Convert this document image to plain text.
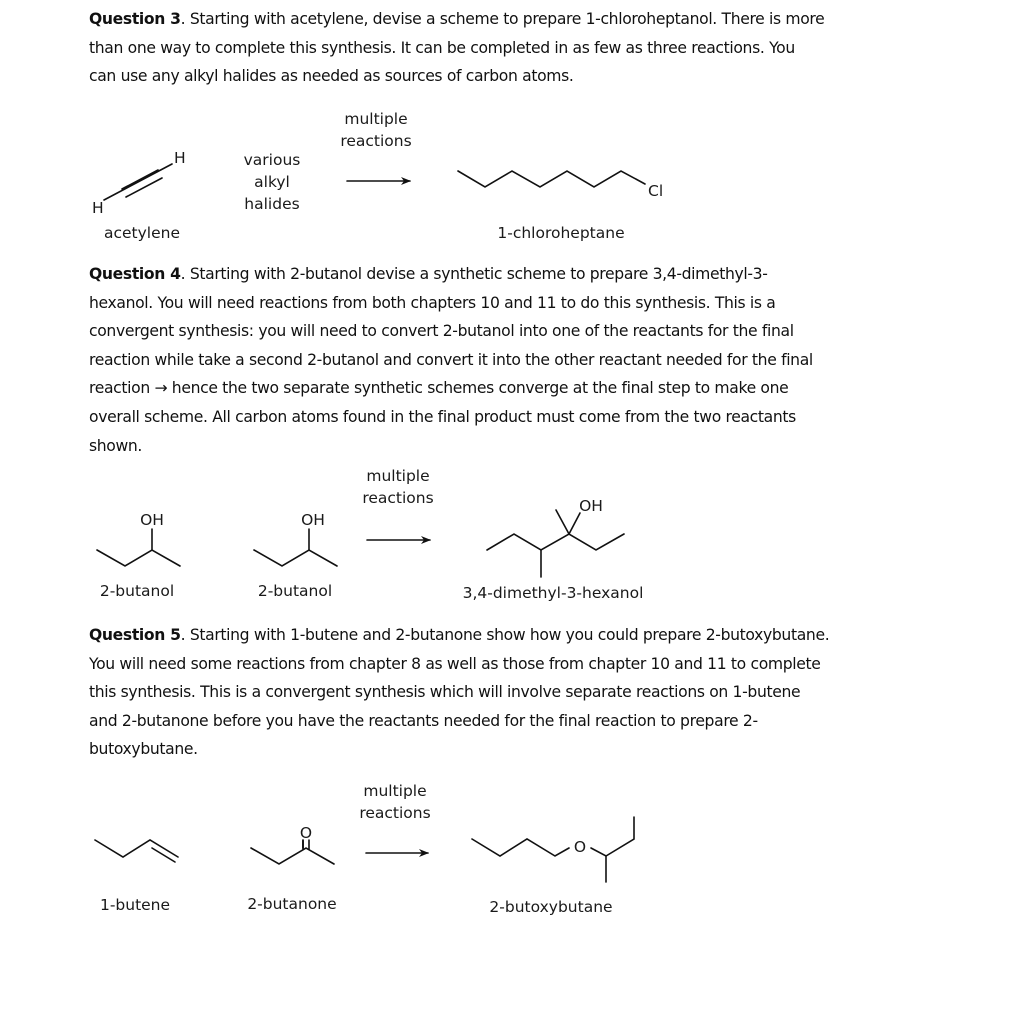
Question 3. Starting with acetylene, devise a scheme to prepare 1-chloroheptanol. There is more
than one way to complete this synthesis. It can be completed in as few as three reactions. You
can use any alkyl halides as needed as sources of carbon atoms.
Question 4. Starting with 2-butanol devise a synthetic scheme to prepare 3,4-dimethyl-3-
hexanol. You will need reactions from both chapters 10 and 11 to do this synthesis. This is a
convergent synthesis: you will need to convert 2-butanol into one of the reactants for the final
reaction while take a second 2-butanol and convert it into the other reactant needed for the final
reaction → hence the two separate synthetic schemes converge at the final step to make one
overall scheme. All carbon atoms found in the final product must come from the two reactants
shown.
Question 5. Starting with 1-butene and 2-butanone show how you could prepare 2-butoxybutane.
You will need some reactions from chapter 8 as well as those from chapter 10 and 11 to complete
this synthesis. This is a convergent synthesis which will involve separate reactions on 1-butene
and 2-butanone before you have the reactants needed for the final reaction to prepare 2-
butoxybutane.
H
H	various
alkyl
halides
multiple
reactions
Cl
acetylene	1-chloroheptane
OH	OH
multiple
reactions	OH
2-butanol	2-butanol	3,4-dimethyl-3-hexanol
O
multiple
reactions
O
1-butene	2-butanone	2-butoxybutane
